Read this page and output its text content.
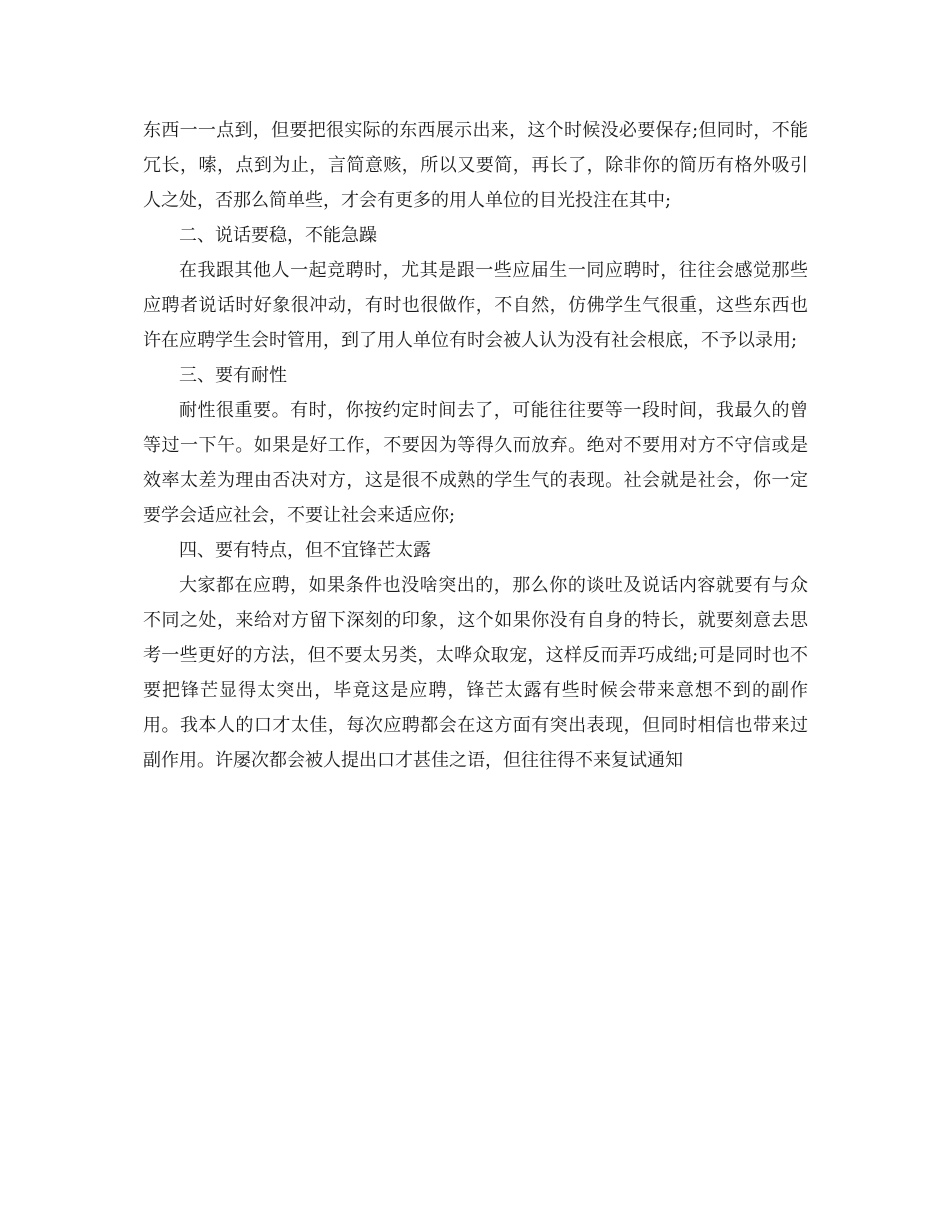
东西一一点到，但要把很实际的东西展示出来，这个时候没必要保存;但同时，不能冗长，嗦，点到为止，言简意赅，所以又要简，再长了，除非你的简历有格外吸引人之处，否那么简单些，才会有更多的用人单位的目光投注在其中;

二、说话要稳，不能急躁

在我跟其他人一起竞聘时，尤其是跟一些应届生一同应聘时，往往会感觉那些应聘者说话时好象很冲动，有时也很做作，不自然，仿佛学生气很重，这些东西也许在应聘学生会时管用，到了用人单位有时会被人认为没有社会根底，不予以录用;

三、要有耐性

耐性很重要。有时，你按约定时间去了，可能往往要等一段时间，我最久的曾等过一下午。如果是好工作，不要因为等得久而放弃。绝对不要用对方不守信或是效率太差为理由否决对方，这是很不成熟的学生气的表现。社会就是社会，你一定要学会适应社会，不要让社会来适应你;

四、要有特点，但不宜锋芒太露

大家都在应聘，如果条件也没啥突出的，那么你的谈吐及说话内容就要有与众不同之处，来给对方留下深刻的印象，这个如果你没有自身的特长，就要刻意去思考一些更好的方法，但不要太另类，太哗众取宠，这样反而弄巧成绌;可是同时也不要把锋芒显得太突出，毕竟这是应聘，锋芒太露有些时候会带来意想不到的副作用。我本人的口才太佳，每次应聘都会在这方面有突出表现，但同时相信也带来过副作用。许屡次都会被人提出口才甚佳之语，但往往得不来复试通知
